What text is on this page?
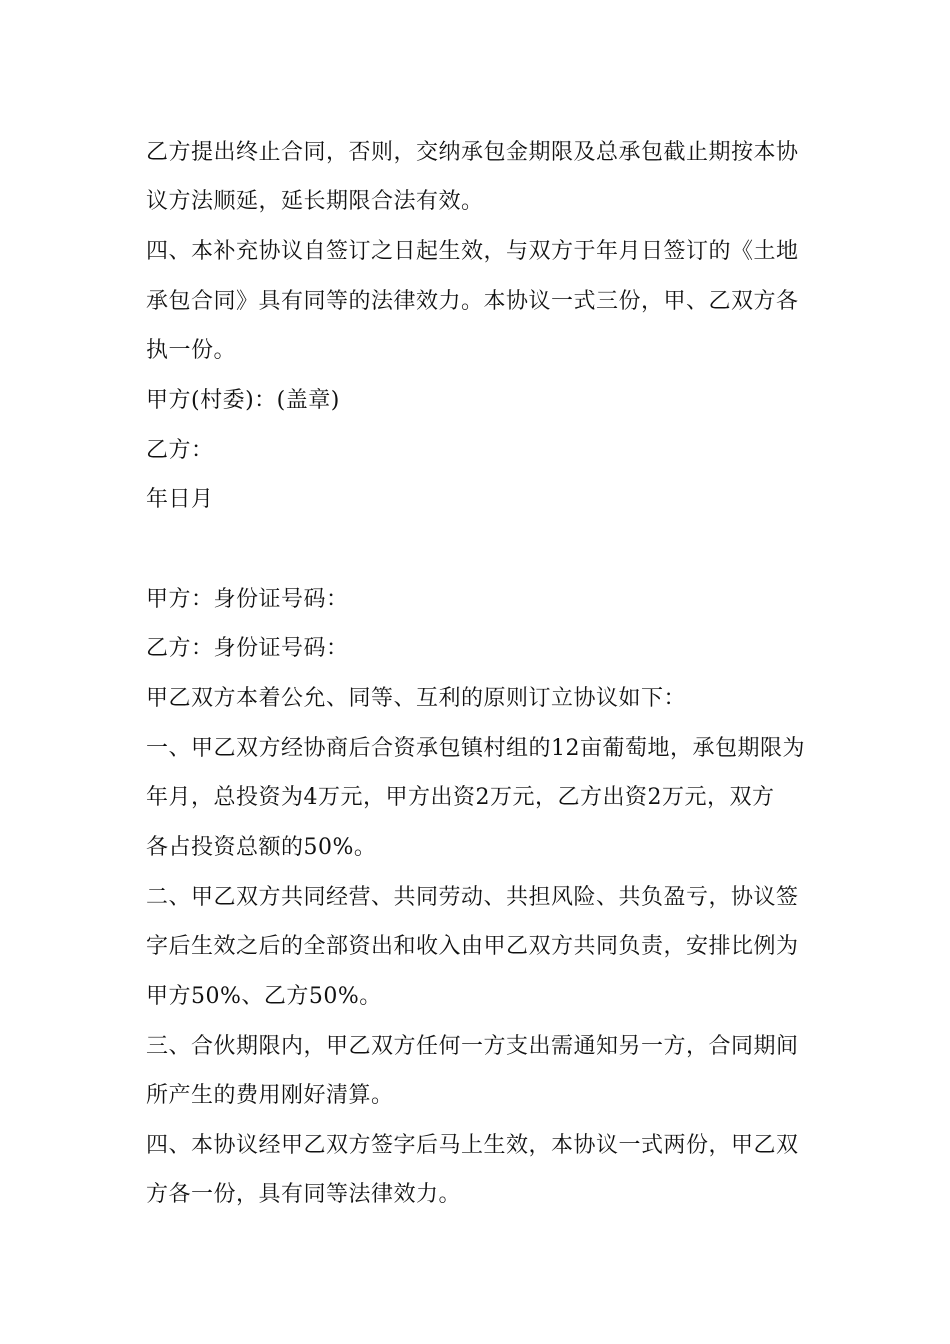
乙方提出终止合同，否则，交纳承包金期限及总承包截止期按本协
议方法顺延，延长期限合法有效。
四、本补充协议自签订之日起生效，与双方于年月日签订的《土地
承包合同》具有同等的法律效力。本协议一式三份，甲、乙双方各
执一份。
甲方(村委)：(盖章)
乙方：
年日月
甲方：身份证号码：
乙方：身份证号码：
甲乙双方本着公允、同等、互利的原则订立协议如下：
一、甲乙双方经协商后合资承包镇村组的12亩葡萄地，承包期限为
年月，总投资为4万元，甲方出资2万元，乙方出资2万元，双方
各占投资总额的50%。
二、甲乙双方共同经营、共同劳动、共担风险、共负盈亏，协议签
字后生效之后的全部资出和收入由甲乙双方共同负责，安排比例为
甲方50%、乙方50%。
三、合伙期限内，甲乙双方任何一方支出需通知另一方，合同期间
所产生的费用刚好清算。
四、本协议经甲乙双方签字后马上生效，本协议一式两份，甲乙双
方各一份，具有同等法律效力。
